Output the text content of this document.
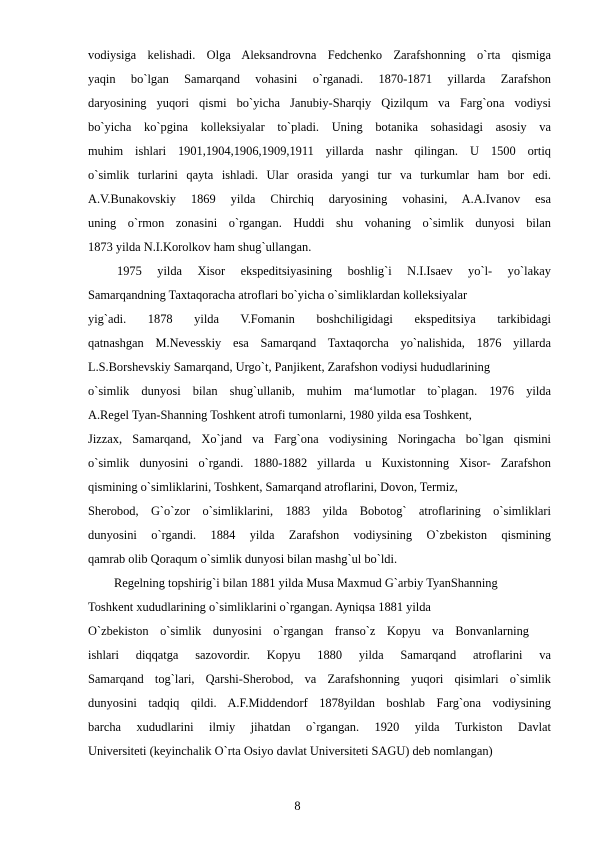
vodiysiga kelishadi. Olga Aleksandrovna Fedchenko Zarafshonning o`rta qismiga
yaqin bo`lgan Samarqand vohasini o`rganadi. 1870-1871 yillarda Zarafshon
daryosining yuqori qismi bo`yicha Janubiy-Sharqiy Qizilqum va Farg`ona vodiysi
bo`yicha ko`pgina kolleksiyalar to`pladi. Uning botanika sohasidagi asosiy va
muhim ishlari 1901,1904,1906,1909,1911 yillarda nashr qilingan. U 1500 ortiq
o`simlik turlarini qayta ishladi. Ular orasida yangi tur va turkumlar ham bor edi.
A.V.Bunakovskiy 1869 yilda Chirchiq daryosining vohasini, A.A.Ivanov esa
uning o`rmon zonasini o`rgangan. Huddi shu vohaning o`simlik dunyosi bilan
1873 yilda N.I.Korolkov ham shug`ullangan.
1975 yilda Xisor ekspeditsiyasining boshlig`i N.I.Isaev yo`l- yo`lakay
Samarqandning Taxtaqoracha atroflari bo`yicha o`simliklardan kolleksiyalar
yig`adi. 1878 yilda V.Fomanin boshchiligidagi ekspeditsiya tarkibidagi
qatnashgan M.Nevesskiy esa Samarqand Taxtaqorcha yo`nalishida, 1876 yillarda
L.S.Borshevskiy Samarqand, Urgo`t, Panjikent, Zarafshon vodiysi hududlarining
o`simlik dunyosi bilan shug`ullanib, muhim ma‘lumotlar to`plagan. 1976 yilda
A.Regel Tyan-Shanning Toshkent atrofi tumonlarni, 1980 yilda esa Toshkent,
Jizzax, Samarqand, Xo`jand va Farg`ona vodiysining Noringacha bo`lgan qismini
o`simlik dunyosini o`rgandi. 1880-1882 yillarda u Kuxistonning Xisor- Zarafshon
qismining o`simliklarini, Toshkent, Samarqand atroflarini, Dovon, Termiz,
Sherobod, G`o`zor o`simliklarini, 1883 yilda Bobotog` atroflarining o`simliklari
dunyosini o`rgandi. 1884 yilda Zarafshon vodiysining O`zbekiston qismining
qamrab olib Qoraqum o`simlik dunyosi bilan mashg`ul bo`ldi.
Regelning topshirig`i bilan 1881 yilda Musa Maxmud G`arbiy TyanShanning
Toshkent xududlarining o`simliklarini o`rgangan. Ayniqsa 1881 yilda
O`zbekiston o`simlik dunyosini o`rgangan franso`z Kopyu va Bonvanlarning
ishlari diqqatga sazovordir. Kopyu 1880 yilda Samarqand atroflarini va
Samarqand tog`lari, Qarshi-Sherobod, va Zarafshonning yuqori qisimlari o`simlik
dunyosini tadqiq qildi. A.F.Middendorf 1878yildan boshlab Farg`ona vodiysining
barcha xududlarini ilmiy jihatdan o`rgangan. 1920 yilda Turkiston Davlat
Universiteti (keyinchalik O`rta Osiyo davlat Universiteti SAGU) deb nomlangan)
8
